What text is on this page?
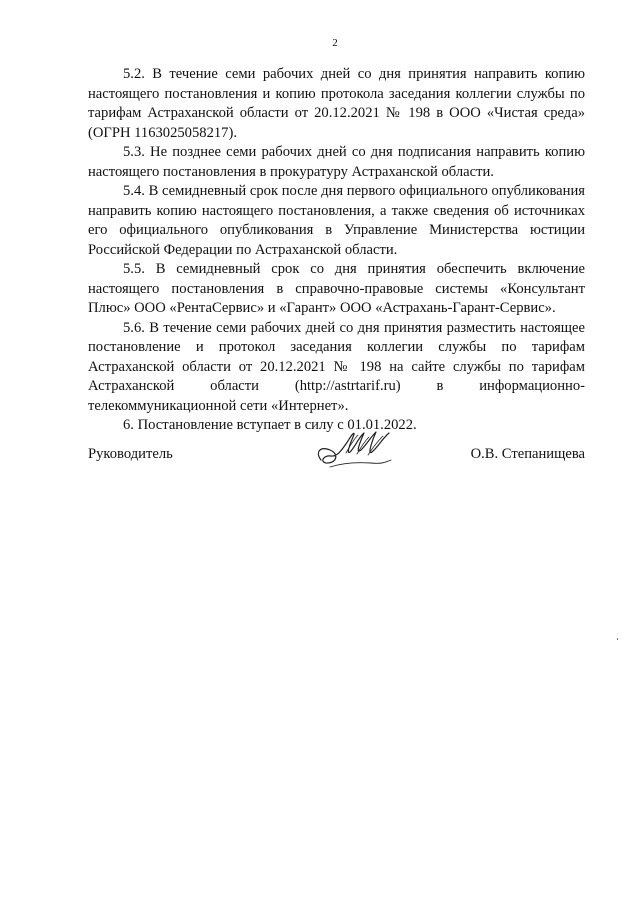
2

5.2. В течение семи рабочих дней со дня принятия направить копию настоящего постановления и копию протокола заседания коллегии службы по тарифам Астраханской области от 20.12.2021 № 198 в ООО «Чистая среда» (ОГРН 1163025058217).

5.3. Не позднее семи рабочих дней со дня подписания направить копию настоящего постановления в прокуратуру Астраханской области.

5.4. В семидневный срок после дня первого официального опубликования направить копию настоящего постановления, а также сведения об источниках его официального опубликования в Управление Министерства юстиции Российской Федерации по Астраханской области.

5.5. В семидневный срок со дня принятия обеспечить включение настоящего постановления в справочно-правовые системы «Консультант Плюс» ООО «РентаСервис» и «Гарант» ООО «Астрахань-Гарант-Сервис».

5.6. В течение семи рабочих дней со дня принятия разместить настоящее постановление и протокол заседания коллегии службы по тарифам Астраханской области от 20.12.2021 № 198 на сайте службы по тарифам Астраханской области (http://astrtarif.ru) в информационно-телекоммуникационной сети «Интернет».

6. Постановление вступает в силу с 01.01.2022.

Руководитель	О.В. Степанищева
